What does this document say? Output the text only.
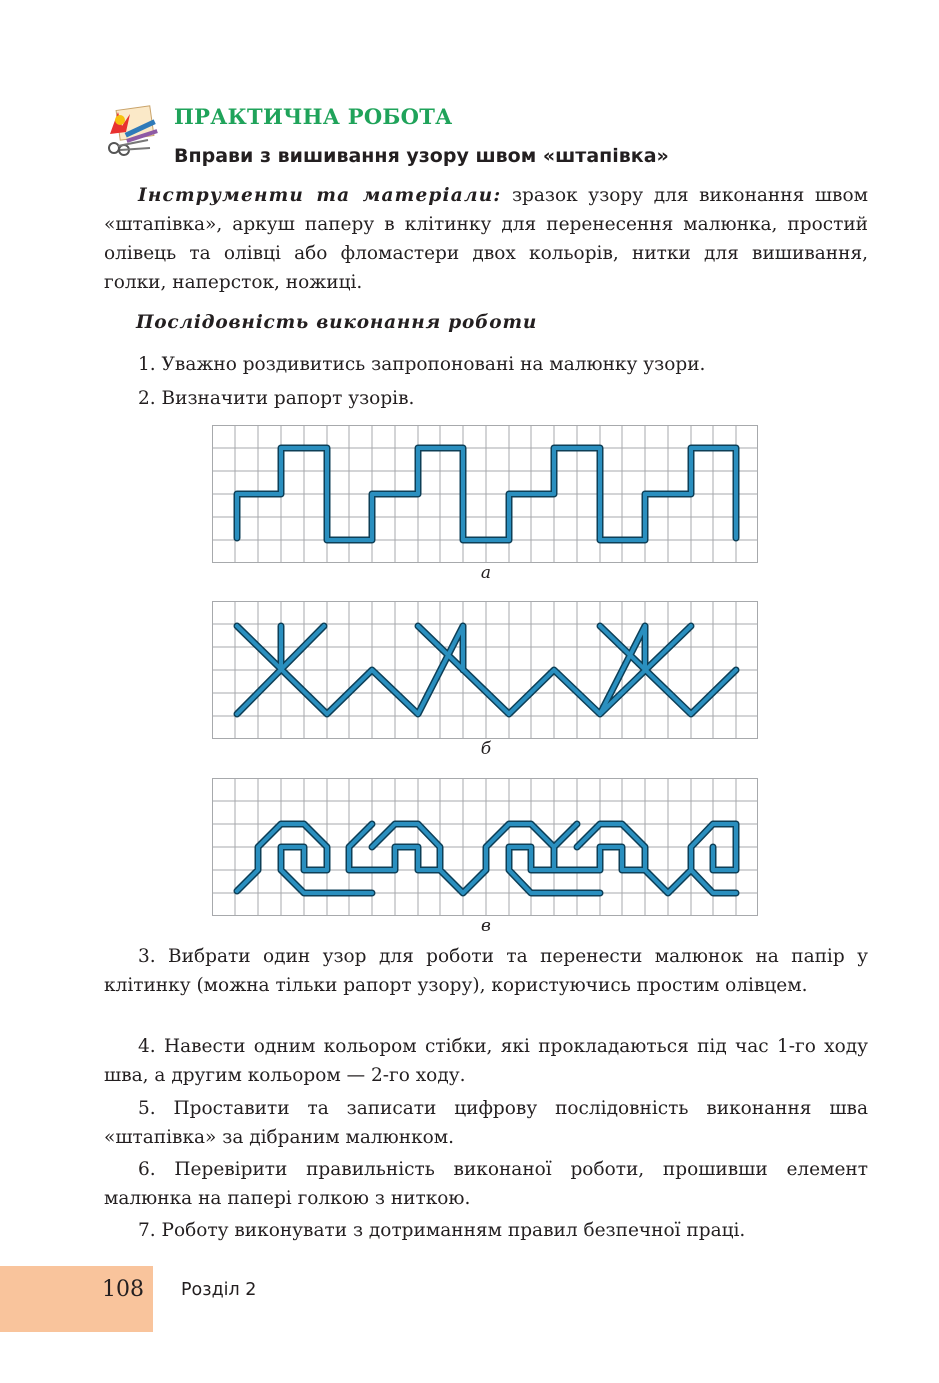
ПРАКТИЧНА РОБОТА
Вправи з вишивання узору швом «штапівка»
Інструменти та матеріали: зразок узору для виконання швом «штапівка», аркуш паперу в клітинку для перенесення малюнка, простий олівець та олівці або фломастери двох кольорів, нитки для вишивання, голки, наперсток, ножиці.
Послідовність виконання роботи
1. Уважно роздивитись запропоновані на малюнку узори.
2. Визначити рапорт узорів.
а
б
в
3. Вибрати один узор для роботи та перенести малюнок на папір у клітинку (можна тільки рапорт узору), користуючись простим олівцем.
4. Навести одним кольором стібки, які прокладаються під час 1-го ходу шва, а другим кольором — 2-го ходу.
5. Проставити та записати цифрову послідовність виконання шва «штапівка» за дібраним малюнком.
6. Перевірити правильність виконаної роботи, прошивши елемент малюнка на папері голкою з ниткою.
7. Роботу виконувати з дотриманням правил безпечної праці.
108 Розділ 2
